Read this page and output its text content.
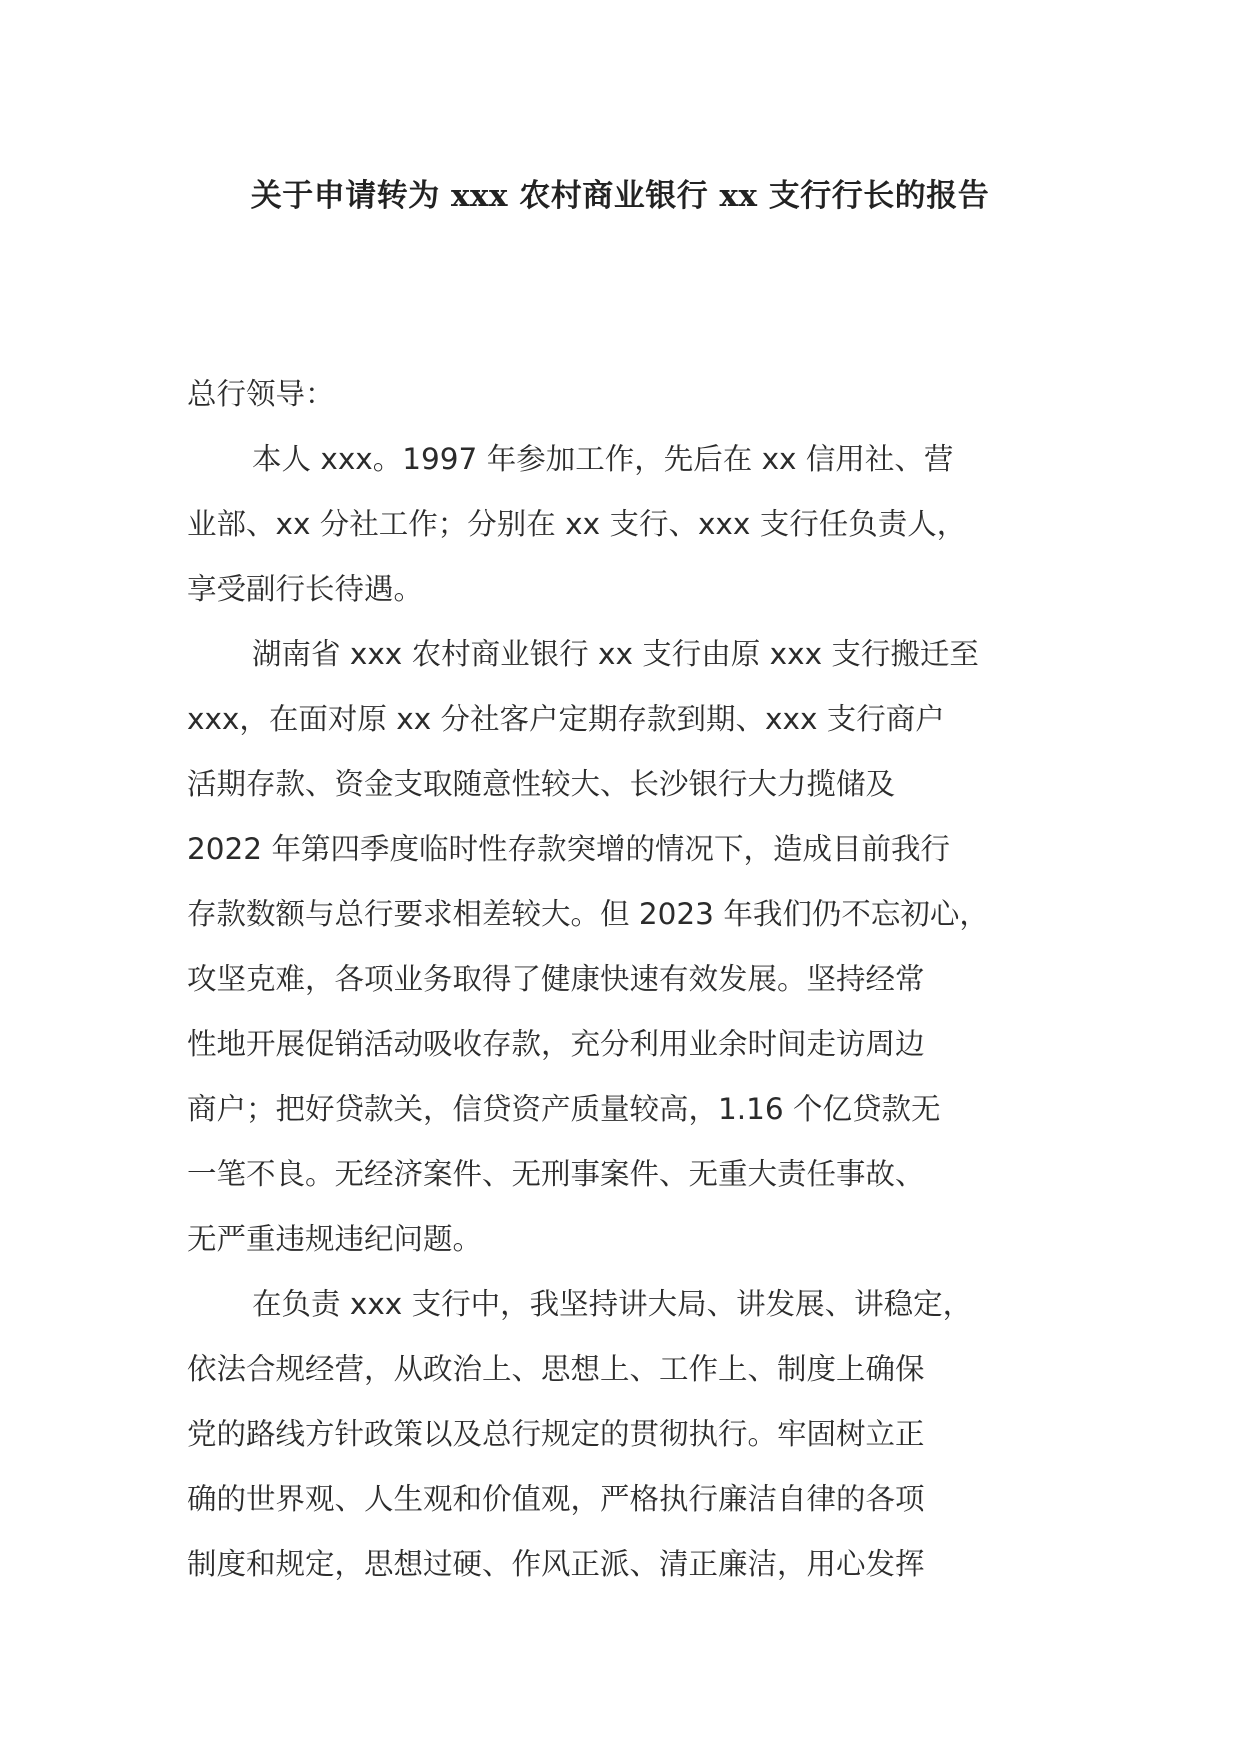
关于申请转为 xxx 农村商业银行 xx 支行行长的报告
总行领导：
本人 xxx。1997 年参加工作，先后在 xx 信用社、营
业部、xx 分社工作；分别在 xx 支行、xxx 支行任负责人，
享受副行长待遇。
湖南省 xxx 农村商业银行 xx 支行由原 xxx 支行搬迁至
xxx，在面对原 xx 分社客户定期存款到期、xxx 支行商户
活期存款、资金支取随意性较大、长沙银行大力揽储及
2022 年第四季度临时性存款突增的情况下，造成目前我行
存款数额与总行要求相差较大。但 2023 年我们仍不忘初心，
攻坚克难，各项业务取得了健康快速有效发展。坚持经常
性地开展促销活动吸收存款，充分利用业余时间走访周边
商户；把好贷款关，信贷资产质量较高，1.16 个亿贷款无
一笔不良。无经济案件、无刑事案件、无重大责任事故、
无严重违规违纪问题。
在负责 xxx 支行中，我坚持讲大局、讲发展、讲稳定，
依法合规经营，从政治上、思想上、工作上、制度上确保
党的路线方针政策以及总行规定的贯彻执行。牢固树立正
确的世界观、人生观和价值观，严格执行廉洁自律的各项
制度和规定，思想过硬、作风正派、清正廉洁，用心发挥
